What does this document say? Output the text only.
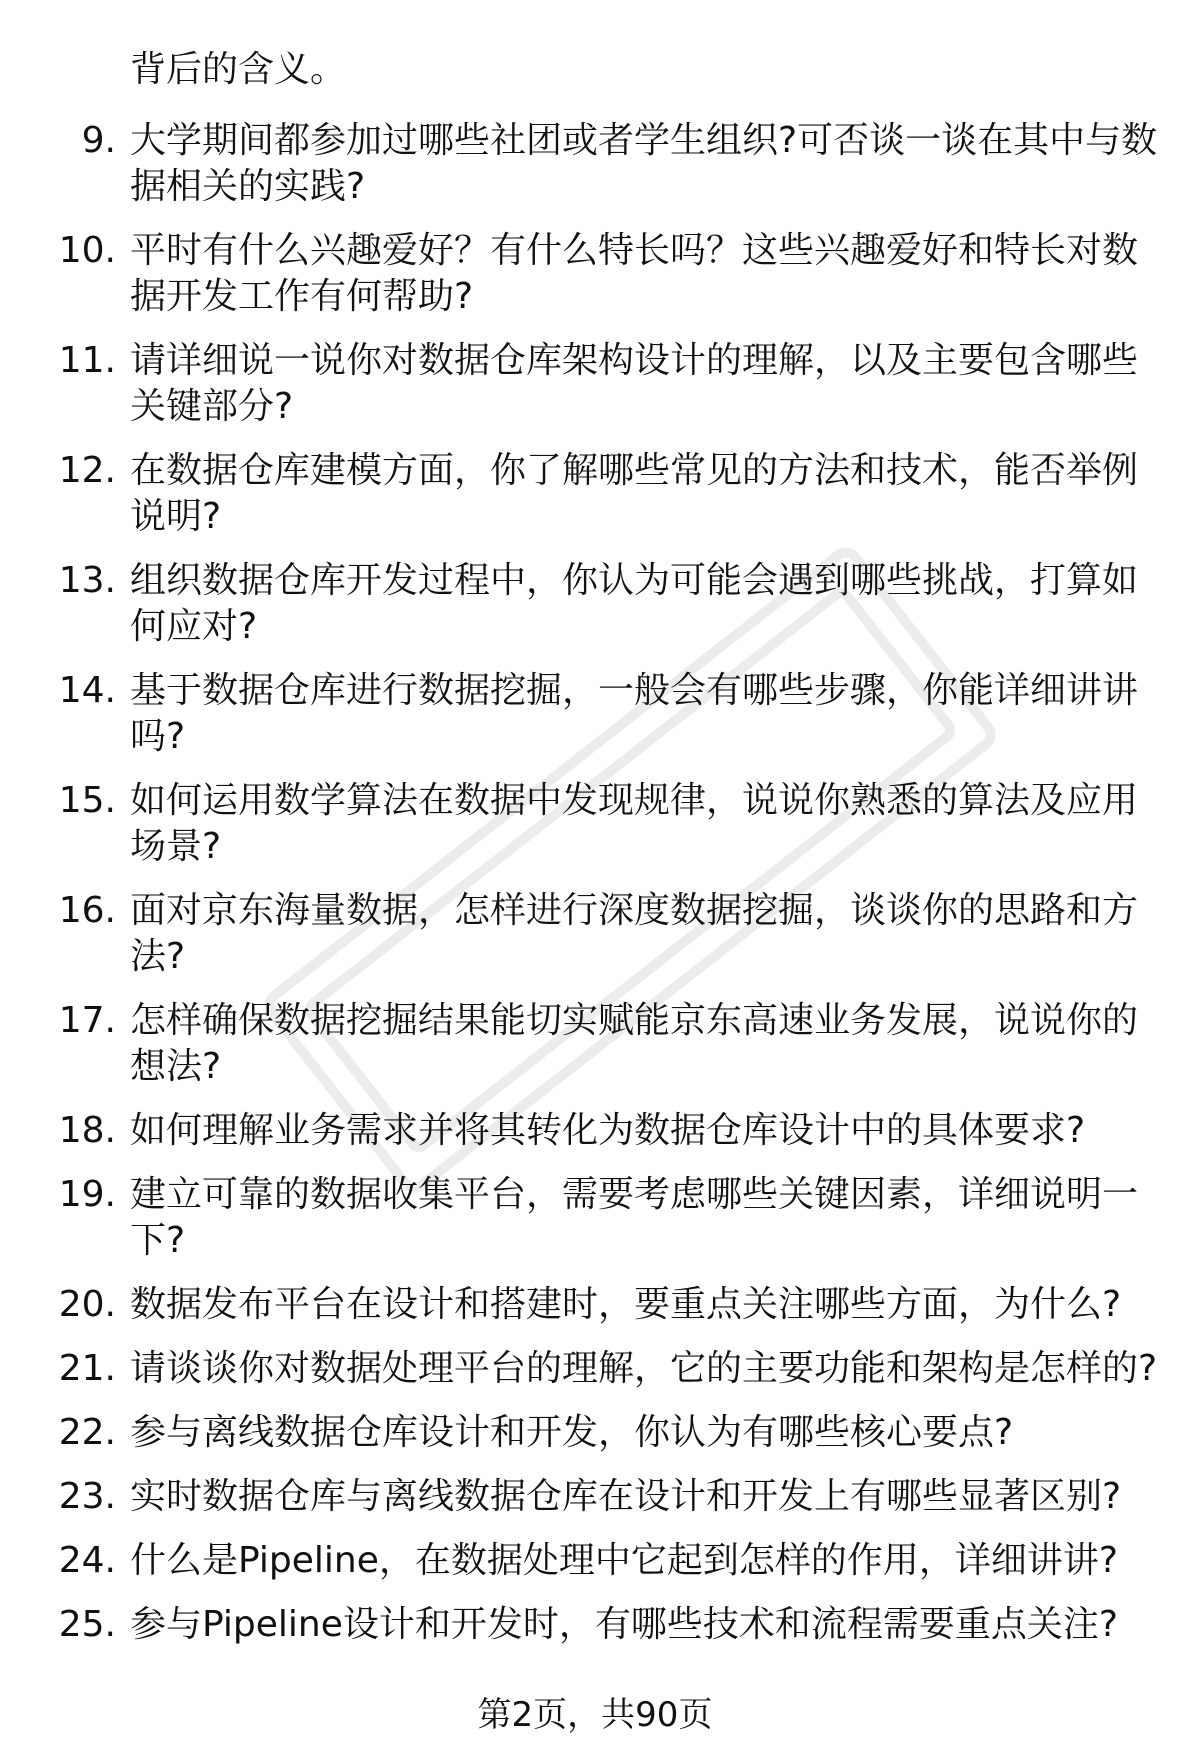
背后的含义。
9. 大学期间都参加过哪些社团或者学生组织?可否谈一谈在其中与数据相关的实践?
10. 平时有什么兴趣爱好？有什么特长吗？这些兴趣爱好和特长对数据开发工作有何帮助?
11. 请详细说一说你对数据仓库架构设计的理解，以及主要包含哪些关键部分?
12. 在数据仓库建模方面，你了解哪些常见的方法和技术，能否举例说明?
13. 组织数据仓库开发过程中，你认为可能会遇到哪些挑战，打算如何应对?
14. 基于数据仓库进行数据挖掘，一般会有哪些步骤，你能详细讲讲吗?
15. 如何运用数学算法在数据中发现规律，说说你熟悉的算法及应用场景?
16. 面对京东海量数据，怎样进行深度数据挖掘，谈谈你的思路和方法?
17. 怎样确保数据挖掘结果能切实赋能京东高速业务发展，说说你的想法?
18. 如何理解业务需求并将其转化为数据仓库设计中的具体要求?
19. 建立可靠的数据收集平台，需要考虑哪些关键因素，详细说明一下?
20. 数据发布平台在设计和搭建时，要重点关注哪些方面，为什么?
21. 请谈谈你对数据处理平台的理解，它的主要功能和架构是怎样的?
22. 参与离线数据仓库设计和开发，你认为有哪些核心要点?
23. 实时数据仓库与离线数据仓库在设计和开发上有哪些显著区别?
24. 什么是Pipeline，在数据处理中它起到怎样的作用，详细讲讲?
25. 参与Pipeline设计和开发时，有哪些技术和流程需要重点关注?
第2页，共90页
